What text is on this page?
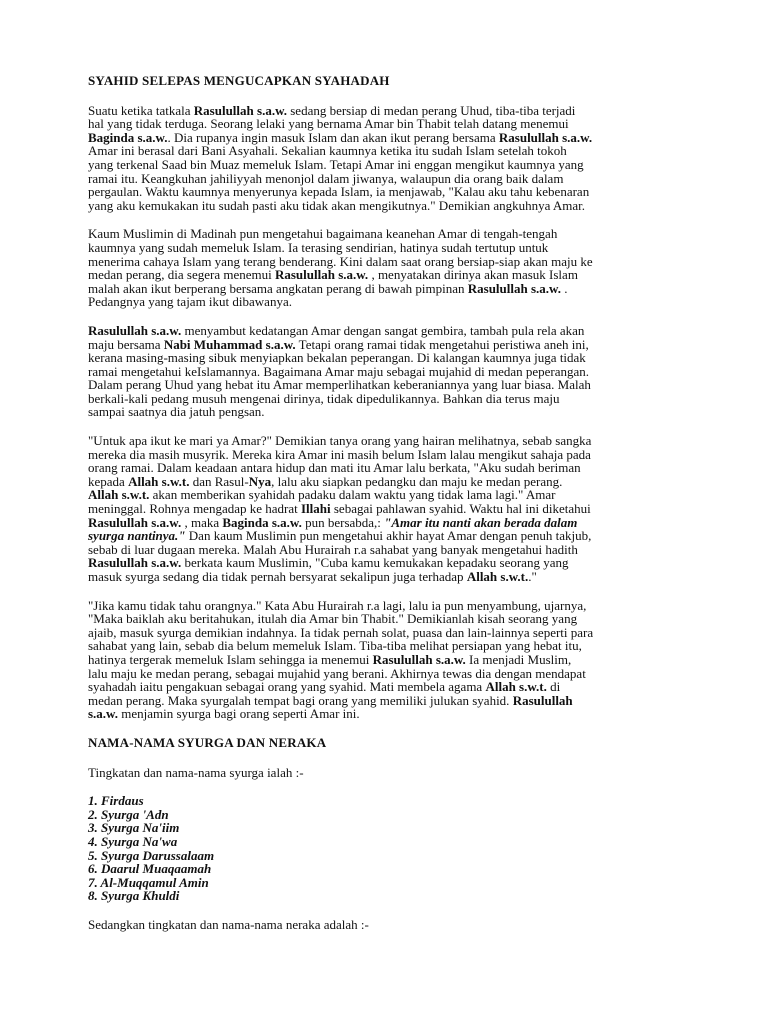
SYAHID SELEPAS MENGUCAPKAN SYAHADAH
Suatu ketika tatkala Rasulullah s.a.w. sedang bersiap di medan perang Uhud, tiba-tiba terjadi
hal yang tidak terduga. Seorang lelaki yang bernama Amar bin Thabit telah datang menemui
Baginda s.a.w.. Dia rupanya ingin masuk Islam dan akan ikut perang bersama Rasulullah s.a.w.
Amar ini berasal dari Bani Asyahali. Sekalian kaumnya ketika itu sudah Islam setelah tokoh
yang terkenal Saad bin Muaz memeluk Islam. Tetapi Amar ini enggan mengikut kaumnya yang
ramai itu. Keangkuhan jahiliyyah menonjol dalam jiwanya, walaupun dia orang baik dalam
pergaulan. Waktu kaumnya menyerunya kepada Islam, ia menjawab, "Kalau aku tahu kebenaran
yang aku kemukakan itu sudah pasti aku tidak akan mengikutnya." Demikian angkuhnya Amar.
Kaum Muslimin di Madinah pun mengetahui bagaimana keanehan Amar di tengah-tengah
kaumnya yang sudah memeluk Islam. Ia terasing sendirian, hatinya sudah tertutup untuk
menerima cahaya Islam yang terang benderang. Kini dalam saat orang bersiap-siap akan maju ke
medan perang, dia segera menemui Rasulullah s.a.w. , menyatakan dirinya akan masuk Islam
malah akan ikut berperang bersama angkatan perang di bawah pimpinan Rasulullah s.a.w. .
Pedangnya yang tajam ikut dibawanya.
Rasulullah s.a.w. menyambut kedatangan Amar dengan sangat gembira, tambah pula rela akan
maju bersama Nabi Muhammad s.a.w. Tetapi orang ramai tidak mengetahui peristiwa aneh ini,
kerana masing-masing sibuk menyiapkan bekalan peperangan. Di kalangan kaumnya juga tidak
ramai mengetahui keIslamannya. Bagaimana Amar maju sebagai mujahid di medan peperangan.
Dalam perang Uhud yang hebat itu Amar memperlihatkan keberaniannya yang luar biasa. Malah
berkali-kali pedang musuh mengenai dirinya, tidak dipedulikannya. Bahkan dia terus maju
sampai saatnya dia jatuh pengsan.
"Untuk apa ikut ke mari ya Amar?" Demikian tanya orang yang hairan melihatnya, sebab sangka
mereka dia masih musyrik. Mereka kira Amar ini masih belum Islam lalau mengikut sahaja pada
orang ramai. Dalam keadaan antara hidup dan mati itu Amar lalu berkata, "Aku sudah beriman
kepada Allah s.w.t. dan Rasul-Nya, lalu aku siapkan pedangku dan maju ke medan perang.
Allah s.w.t. akan memberikan syahidah padaku dalam waktu yang tidak lama lagi." Amar
meninggal. Rohnya mengadap ke hadrat Illahi sebagai pahlawan syahid. Waktu hal ini diketahui
Rasulullah s.a.w. , maka Baginda s.a.w. pun bersabda,: "Amar itu nanti akan berada dalam
syurga nantinya." Dan kaum Muslimin pun mengetahui akhir hayat Amar dengan penuh takjub,
sebab di luar dugaan mereka. Malah Abu Hurairah r.a sahabat yang banyak mengetahui hadith
Rasulullah s.a.w. berkata kaum Muslimin, "Cuba kamu kemukakan kepadaku seorang yang
masuk syurga sedang dia tidak pernah bersyarat sekalipun juga terhadap Allah s.w.t.."
"Jika kamu tidak tahu orangnya." Kata Abu Hurairah r.a lagi, lalu ia pun menyambung, ujarnya,
"Maka baiklah aku beritahukan, itulah dia Amar bin Thabit." Demikianlah kisah seorang yang
ajaib, masuk syurga demikian indahnya. Ia tidak pernah solat, puasa dan lain-lainnya seperti para
sahabat yang lain, sebab dia belum memeluk Islam. Tiba-tiba melihat persiapan yang hebat itu,
hatinya tergerak memeluk Islam sehingga ia menemui Rasulullah s.a.w. Ia menjadi Muslim,
lalu maju ke medan perang, sebagai mujahid yang berani. Akhirnya tewas dia dengan mendapat
syahadah iaitu pengakuan sebagai orang yang syahid. Mati membela agama Allah s.w.t. di
medan perang. Maka syurgalah tempat bagi orang yang memiliki julukan syahid. Rasulullah
s.a.w. menjamin syurga bagi orang seperti Amar ini.
NAMA-NAMA SYURGA DAN NERAKA
Tingkatan dan nama-nama syurga ialah :-
1. Firdaus
2. Syurga 'Adn
3. Syurga Na'iim
4. Syurga Na'wa
5. Syurga Darussalaam
6. Daarul Muaqaamah
7. Al-Muqqamul Amin
8. Syurga Khuldi
Sedangkan tingkatan dan nama-nama neraka adalah :-
